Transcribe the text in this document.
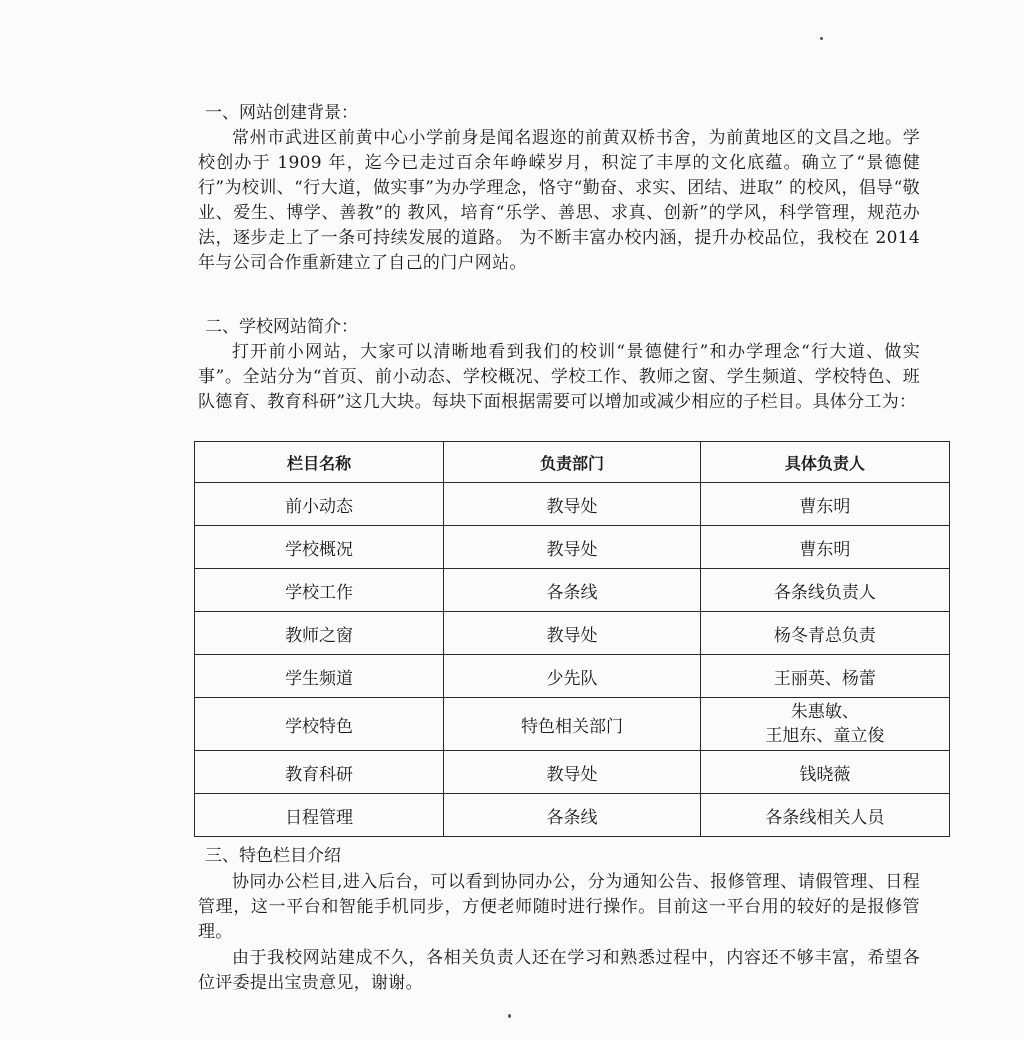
一、网站创建背景：
常州市武进区前黄中心小学前身是闻名遐迩的前黄双桥书舍，为前黄地区的文昌之地。学校创办于 1909 年，迄今已走过百余年峥嵘岁月，积淀了丰厚的文化底蕴。确立了“景德健行”为校训、“行大道，做实事”为办学理念，恪守“勤奋、求实、团结、进取” 的校风，倡导“敬业、爱生、博学、善教”的 教风，培育“乐学、善思、求真、创新”的学风，科学管理，规范办法，逐步走上了一条可持续发展的道路。 为不断丰富办校内涵，提升办校品位，我校在 2014 年与公司合作重新建立了自己的门户网站。
二、学校网站简介：
打开前小网站，大家可以清晰地看到我们的校训“景德健行”和办学理念“行大道、做实事”。全站分为“首页、前小动态、学校概况、学校工作、教师之窗、学生频道、学校特色、班队德育、教育科研”这几大块。每块下面根据需要可以增加或减少相应的子栏目。具体分工为：
栏目名称	负责部门	具体负责人
前小动态	教导处	曹东明
学校概况	教导处	曹东明
学校工作	各条线	各条线负责人
教师之窗	教导处	杨冬青总负责
学生频道	少先队	王丽英、杨蕾
学校特色	特色相关部门	朱惠敏、
王旭东、童立俊

教育科研	教导处	钱晓薇
日程管理	各条线	各条线相关人员
三、特色栏目介绍
协同办公栏目,进入后台，可以看到协同办公，分为通知公告、报修管理、请假管理、日程管理，这一平台和智能手机同步，方便老师随时进行操作。目前这一平台用的较好的是报修管理。
由于我校网站建成不久，各相关负责人还在学习和熟悉过程中，内容还不够丰富，希望各位评委提出宝贵意见，谢谢。
